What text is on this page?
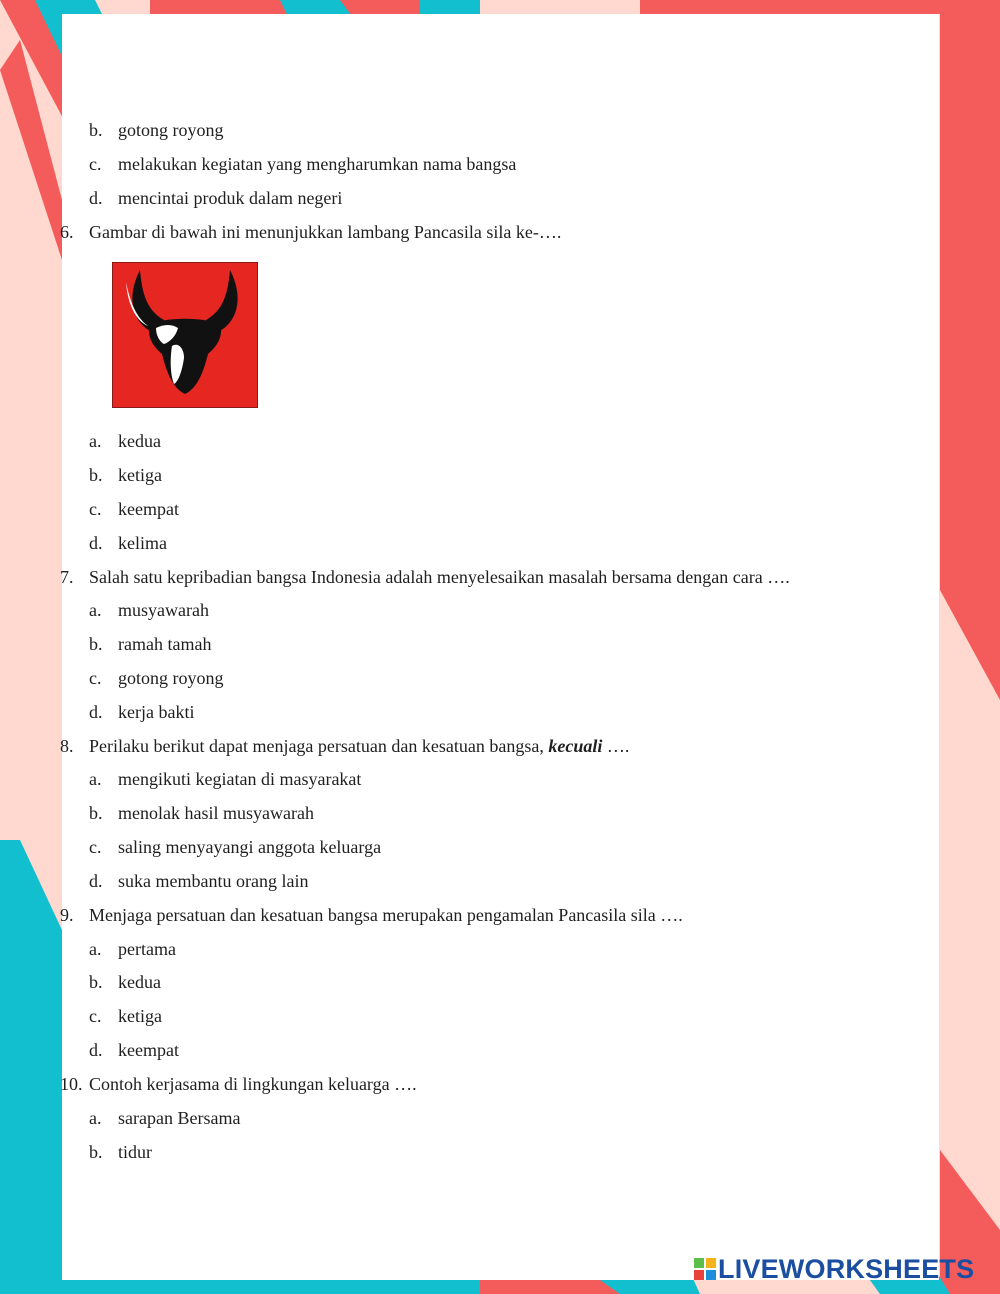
b. gotong royong
c. melakukan kegiatan yang mengharumkan nama bangsa
d. mencintai produk dalam negeri
6. Gambar di bawah ini menunjukkan lambang Pancasila sila ke-….
a. kedua
b. ketiga
c. keempat
d. kelima
7. Salah satu kepribadian bangsa Indonesia adalah menyelesaikan masalah bersama dengan cara ….
a. musyawarah
b. ramah tamah
c. gotong royong
d. kerja bakti
8. Perilaku berikut dapat menjaga persatuan dan kesatuan bangsa, kecuali ….
a. mengikuti kegiatan di masyarakat
b. menolak hasil musyawarah
c. saling menyayangi anggota keluarga
d. suka membantu orang lain
9. Menjaga persatuan dan kesatuan bangsa merupakan pengamalan Pancasila sila ….
a. pertama
b. kedua
c. ketiga
d. keempat
10. Contoh kerjasama di lingkungan keluarga ….
a. sarapan Bersama
b. tidur
LIVEWORKSHEETS
